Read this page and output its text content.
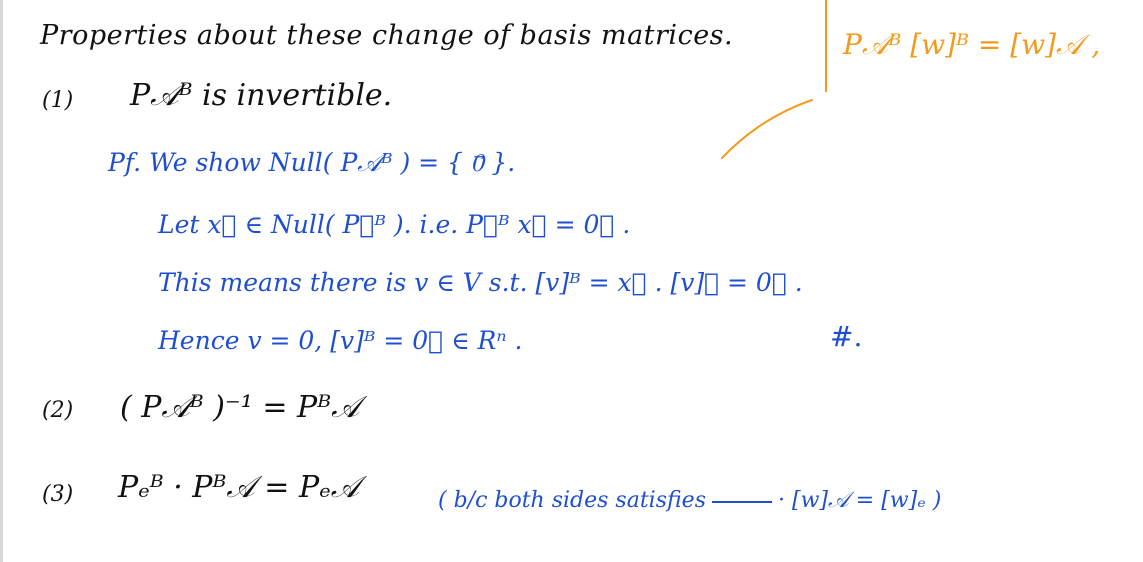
Properties about these change of basis matrices.	P𝒜ᴮ [w]ᴮ = [w]𝒜 ,
(1) P𝒜ᴮ is invertible.
Pf. We show Null( P𝒜ᴮ ) = { 0⃗ }.
Let x⃗ ∈ Null( P𝒜ᴮ ). i.e. P𝒜ᴮ x⃗ = 0⃗ .
This means there is v ∈ V s.t. [v]ᴮ = x⃗ . [v]𝒜 = 0⃗ .
Hence v = 0, [v]ᴮ = 0⃗ ∈ Rⁿ .	#.
(2) ( P𝒜ᴮ )⁻¹ = Pᴮ𝒜
(3) Pₑᴮ · Pᴮ𝒜 = Pₑ𝒜	( b/c both sides satisfies	· [w]𝒜 = [w]ₑ )
